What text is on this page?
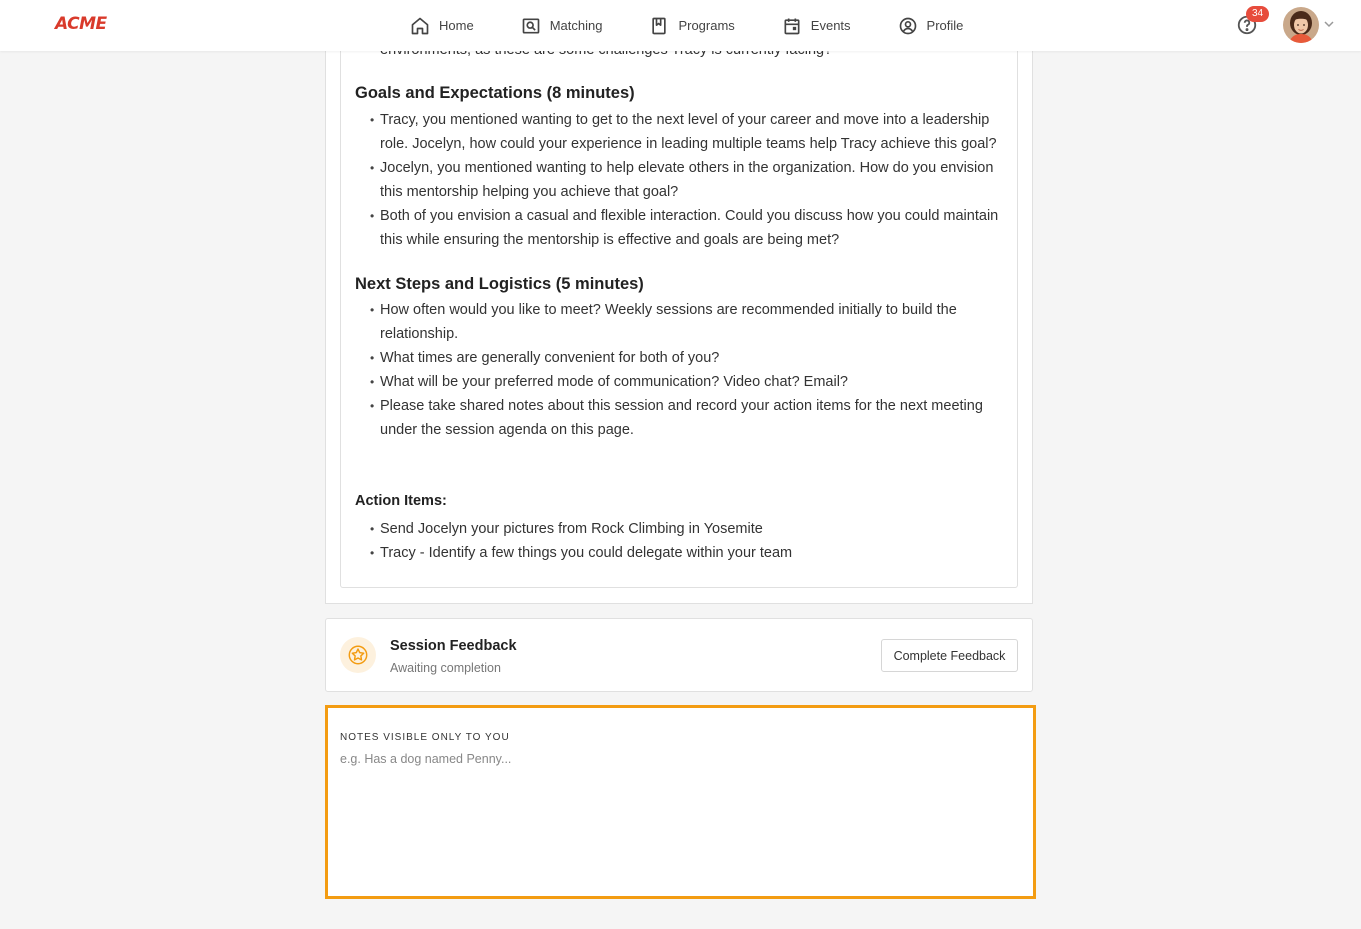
ACME	Home	Matching	Programs	Events	Profile
34
Goals and Expectations (8 minutes)
• Tracy, you mentioned wanting to get to the next level of your career and move into a leadership role. Jocelyn, how could your experience in leading multiple teams help Tracy achieve this goal?
• Jocelyn, you mentioned wanting to help elevate others in the organization. How do you envision this mentorship helping you achieve that goal?
• Both of you envision a casual and flexible interaction. Could you discuss how you could maintain this while ensuring the mentorship is effective and goals are being met?
Next Steps and Logistics (5 minutes)
• How often would you like to meet? Weekly sessions are recommended initially to build the relationship.
• What times are generally convenient for both of you?
• What will be your preferred mode of communication? Video chat? Email?
• Please take shared notes about this session and record your action items for the next meeting under the session agenda on this page.
Action Items:
• Send Jocelyn your pictures from Rock Climbing in Yosemite
• Tracy - Identify a few things you could delegate within your team
Session Feedback
Awaiting completion
Complete Feedback
NOTES VISIBLE ONLY TO YOU
e.g. Has a dog named Penny...
